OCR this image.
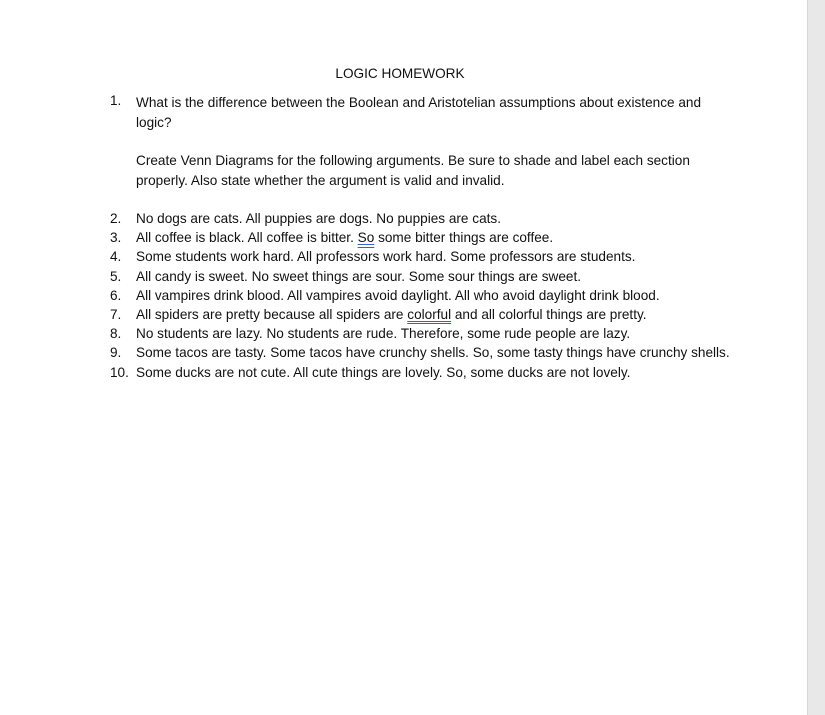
LOGIC HOMEWORK
1.	What is the difference between the Boolean and Aristotelian assumptions about existence and logic?
Create Venn Diagrams for the following arguments. Be sure to shade and label each section properly. Also state whether the argument is valid and invalid.
2.	No dogs are cats. All puppies are dogs. No puppies are cats.
3.	All coffee is black. All coffee is bitter. So some bitter things are coffee.
4.	Some students work hard. All professors work hard. Some professors are students.
5.	All candy is sweet. No sweet things are sour. Some sour things are sweet.
6.	All vampires drink blood. All vampires avoid daylight. All who avoid daylight drink blood.
7.	All spiders are pretty because all spiders are colorful and all colorful things are pretty.
8.	No students are lazy. No students are rude. Therefore, some rude people are lazy.
9.	Some tacos are tasty. Some tacos have crunchy shells. So, some tasty things have crunchy shells.
10. Some ducks are not cute. All cute things are lovely. So, some ducks are not lovely.
